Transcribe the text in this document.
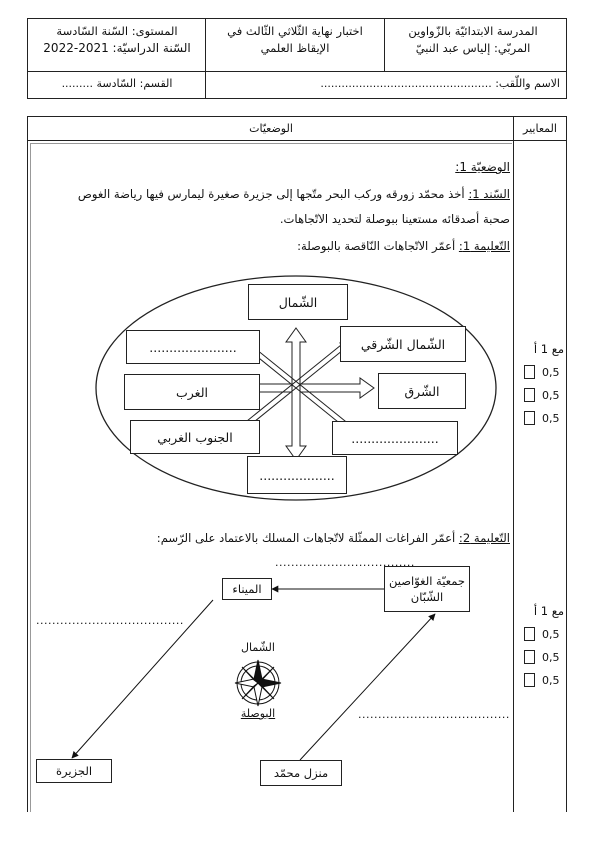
المدرسة الابتدائيّة بالزّواوين
المربّي: إلياس عبد النبيّ
اختبار نهاية الثّلاثي الثّالث في
الإيقاظ العلمي
المستوى: السّنة السّادسة
السّنة الدراسيّة: 2021-2022
الاسم واللّقب: .................................................
القسم: السّادسة .........
المعايير
الوضعيّات
الوضعيّة 1:
السّند 1: أخذ محمّد زورقه وركب البحر متّجها إلى جزيرة صغيرة ليمارس فيها رياضة الغوص
صحبة أصدقائه مستعينا ببوصلة لتحديد الاتّجاهات.
التّعليمة 1: أعمّر الاتّجاهات النّاقصة بالبوصلة:
الشّمال
الشّمال الشّرقي
......................
الغرب	الشّرق
الجنوب الغربي	......................
...................
التّعليمة 2: أعمّر الفراغات الممثّلة لاتّجاهات المسلك بالاعتماد على الرّسم:
جمعيّة الغوّاصين الشّبّان
الميناء
الجزيرة	منزل محمّد
...................................
.....................................
......................................
الشّمال
البوصلة
مع 1 أ
0,5
0,5
0,5
مع 1 أ
0,5
0,5
0,5
